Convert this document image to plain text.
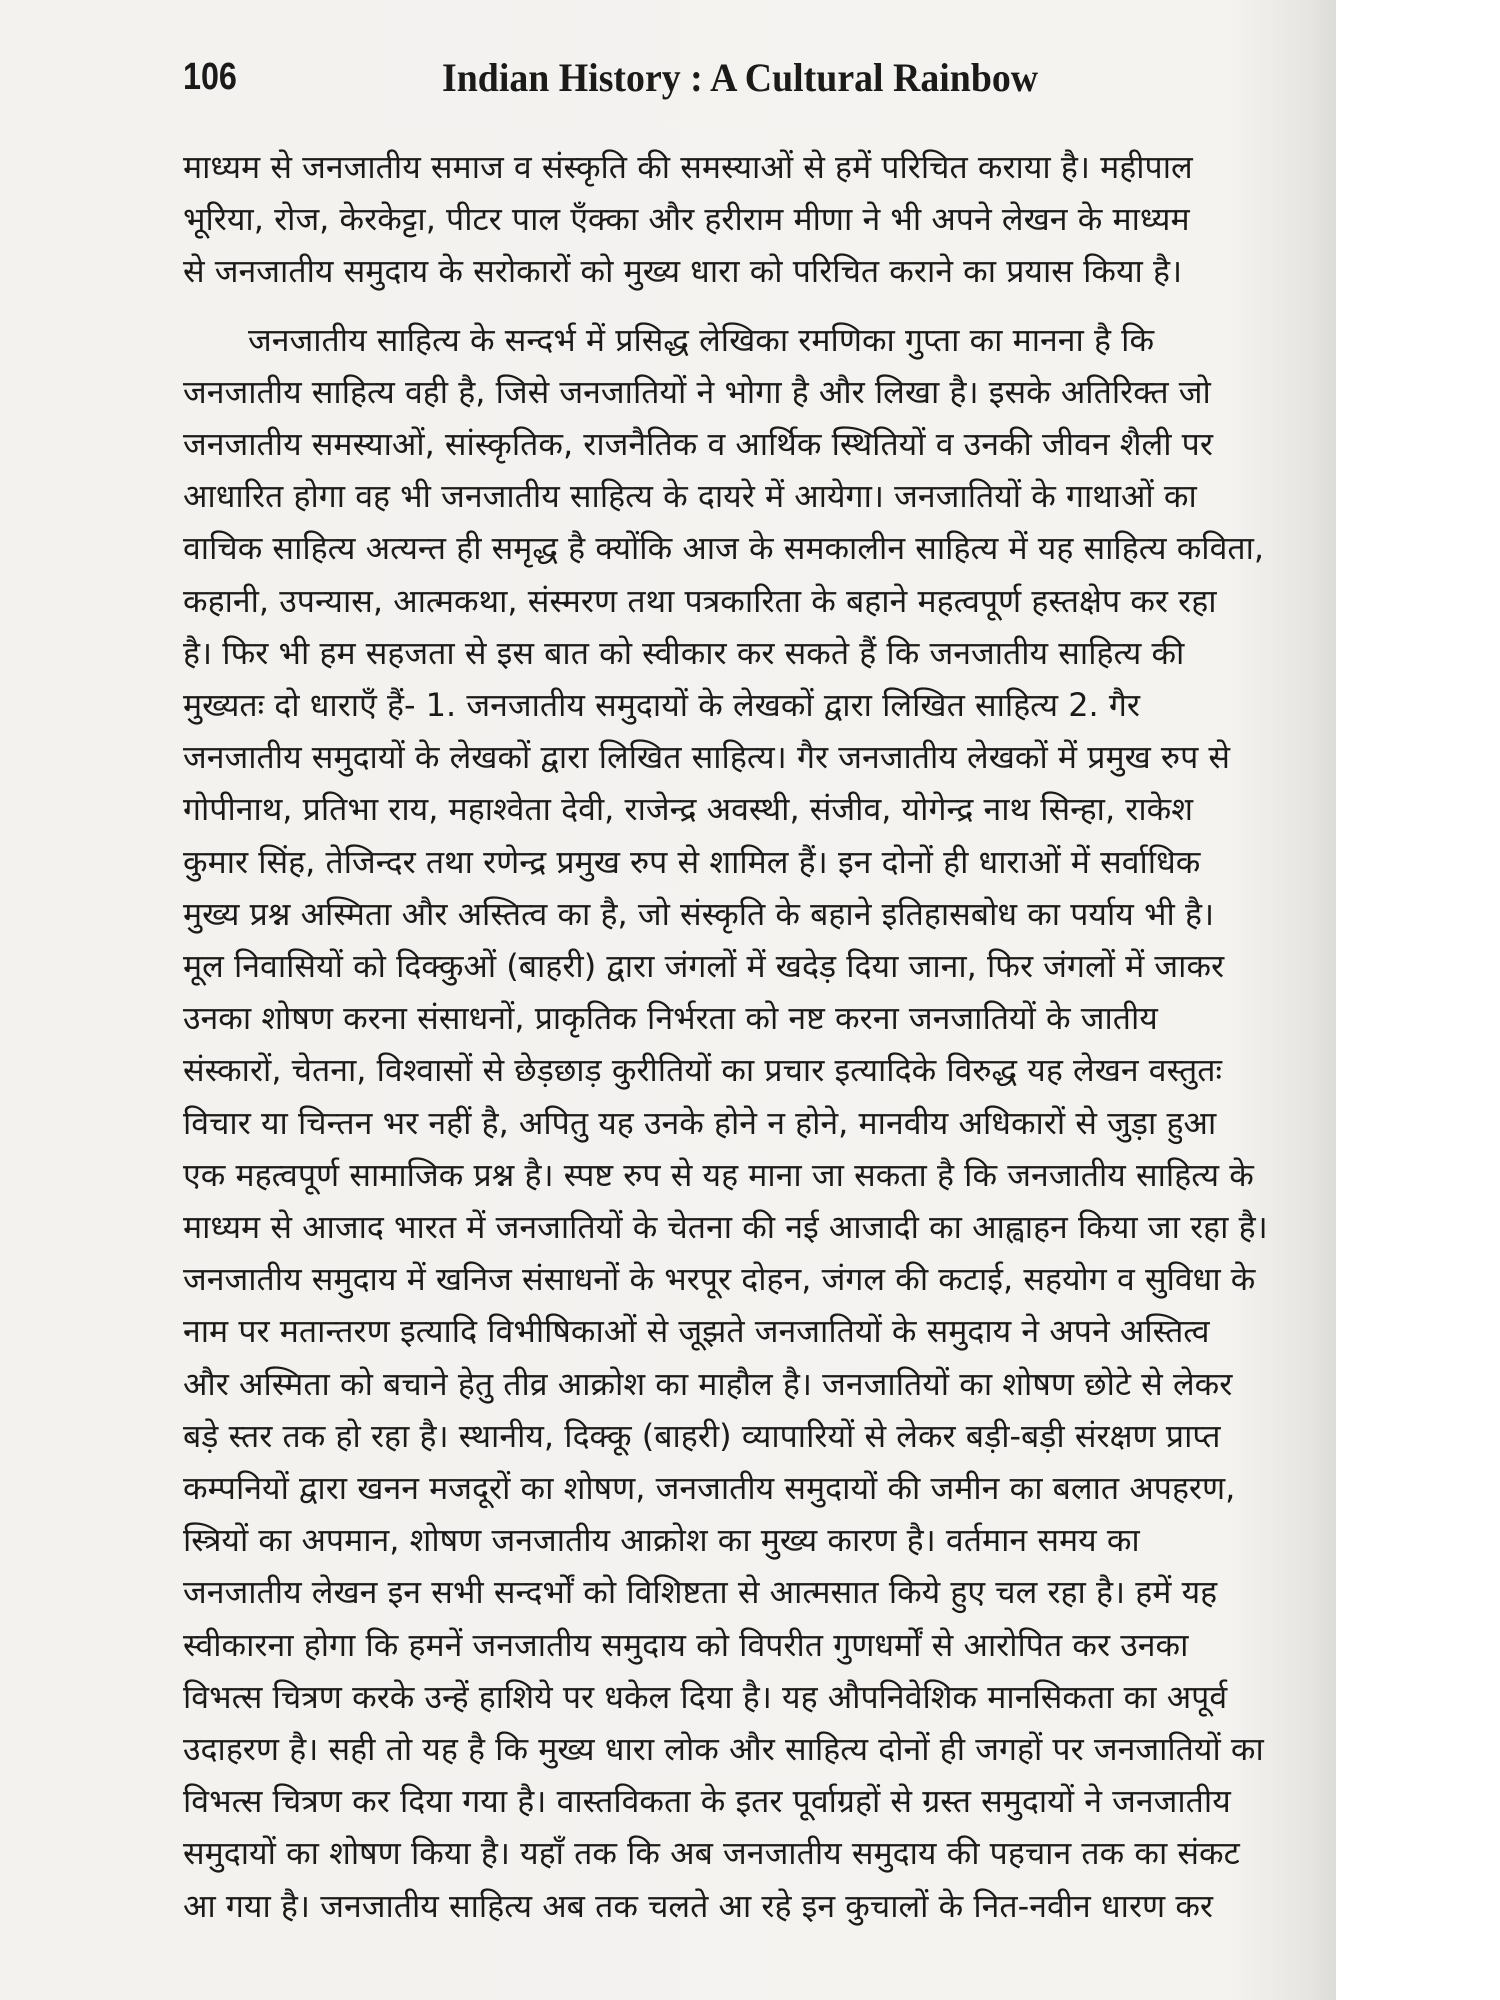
106	Indian History : A Cultural Rainbow
माध्यम से जनजातीय समाज व संस्कृति की समस्याओं से हमें परिचित कराया है। महीपाल
भूरिया, रोज, केरकेट्टा, पीटर पाल एँक्का और हरीराम मीणा ने भी अपने लेखन के माध्यम
से जनजातीय समुदाय के सरोकारों को मुख्य धारा को परिचित कराने का प्रयास किया है।
जनजातीय साहित्य के सन्दर्भ में प्रसिद्ध लेखिका रमणिका गुप्ता का मानना है कि
जनजातीय साहित्य वही है, जिसे जनजातियों ने भोगा है और लिखा है। इसके अतिरिक्त जो
जनजातीय समस्याओं, सांस्कृतिक, राजनैतिक व आर्थिक स्थितियों व उनकी जीवन शैली पर
आधारित होगा वह भी जनजातीय साहित्य के दायरे में आयेगा। जनजातियों के गाथाओं का
वाचिक साहित्य अत्यन्त ही समृद्ध है क्योंकि आज के समकालीन साहित्य में यह साहित्य कविता,
कहानी, उपन्यास, आत्मकथा, संस्मरण तथा पत्रकारिता के बहाने महत्वपूर्ण हस्तक्षेप कर रहा
है। फिर भी हम सहजता से इस बात को स्वीकार कर सकते हैं कि जनजातीय साहित्य की
मुख्यतः दो धाराएँ हैं- 1. जनजातीय समुदायों के लेखकों द्वारा लिखित साहित्य 2. गैर
जनजातीय समुदायों के लेखकों द्वारा लिखित साहित्य। गैर जनजातीय लेखकों में प्रमुख रुप से
गोपीनाथ, प्रतिभा राय, महाश्वेता देवी, राजेन्द्र अवस्थी, संजीव, योगेन्द्र नाथ सिन्हा, राकेश
कुमार सिंह, तेजिन्दर तथा रणेन्द्र प्रमुख रुप से शामिल हैं। इन दोनों ही धाराओं में सर्वाधिक
मुख्य प्रश्न अस्मिता और अस्तित्व का है, जो संस्कृति के बहाने इतिहासबोध का पर्याय भी है।
मूल निवासियों को दिक्कुओं (बाहरी) द्वारा जंगलों में खदेड़ दिया जाना, फिर जंगलों में जाकर
उनका शोषण करना संसाधनों, प्राकृतिक निर्भरता को नष्ट करना जनजातियों के जातीय
संस्कारों, चेतना, विश्वासों से छेड़छाड़ कुरीतियों का प्रचार इत्यादिके विरुद्ध यह लेखन वस्तुतः
विचार या चिन्तन भर नहीं है, अपितु यह उनके होने न होने, मानवीय अधिकारों से जुड़ा हुआ
एक महत्वपूर्ण सामाजिक प्रश्न है। स्पष्ट रुप से यह माना जा सकता है कि जनजातीय साहित्य के
माध्यम से आजाद भारत में जनजातियों के चेतना की नई आजादी का आह्वाहन किया जा रहा है।
जनजातीय समुदाय में खनिज संसाधनों के भरपूर दोहन, जंगल की कटाई, सहयोग व सुविधा के
नाम पर मतान्तरण इत्यादि विभीषिकाओं से जूझते जनजातियों के समुदाय ने अपने अस्तित्व
और अस्मिता को बचाने हेतु तीव्र आक्रोश का माहौल है। जनजातियों का शोषण छोटे से लेकर
बड़े स्तर तक हो रहा है। स्थानीय, दिक्कू (बाहरी) व्यापारियों से लेकर बड़ी-बड़ी संरक्षण प्राप्त
कम्पनियों द्वारा खनन मजदूरों का शोषण, जनजातीय समुदायों की जमीन का बलात अपहरण,
स्त्रियों का अपमान, शोषण जनजातीय आक्रोश का मुख्य कारण है। वर्तमान समय का
जनजातीय लेखन इन सभी सन्दर्भों को विशिष्टता से आत्मसात किये हुए चल रहा है। हमें यह
स्वीकारना होगा कि हमनें जनजातीय समुदाय को विपरीत गुणधर्मों से आरोपित कर उनका
विभत्स चित्रण करके उन्हें हाशिये पर धकेल दिया है। यह औपनिवेशिक मानसिकता का अपूर्व
उदाहरण है। सही तो यह है कि मुख्य धारा लोक और साहित्य दोनों ही जगहों पर जनजातियों का
विभत्स चित्रण कर दिया गया है। वास्तविकता के इतर पूर्वाग्रहों से ग्रस्त समुदायों ने जनजातीय
समुदायों का शोषण किया है। यहाँ तक कि अब जनजातीय समुदाय की पहचान तक का संकट
आ गया है। जनजातीय साहित्य अब तक चलते आ रहे इन कुचालों के नित-नवीन धारण कर
